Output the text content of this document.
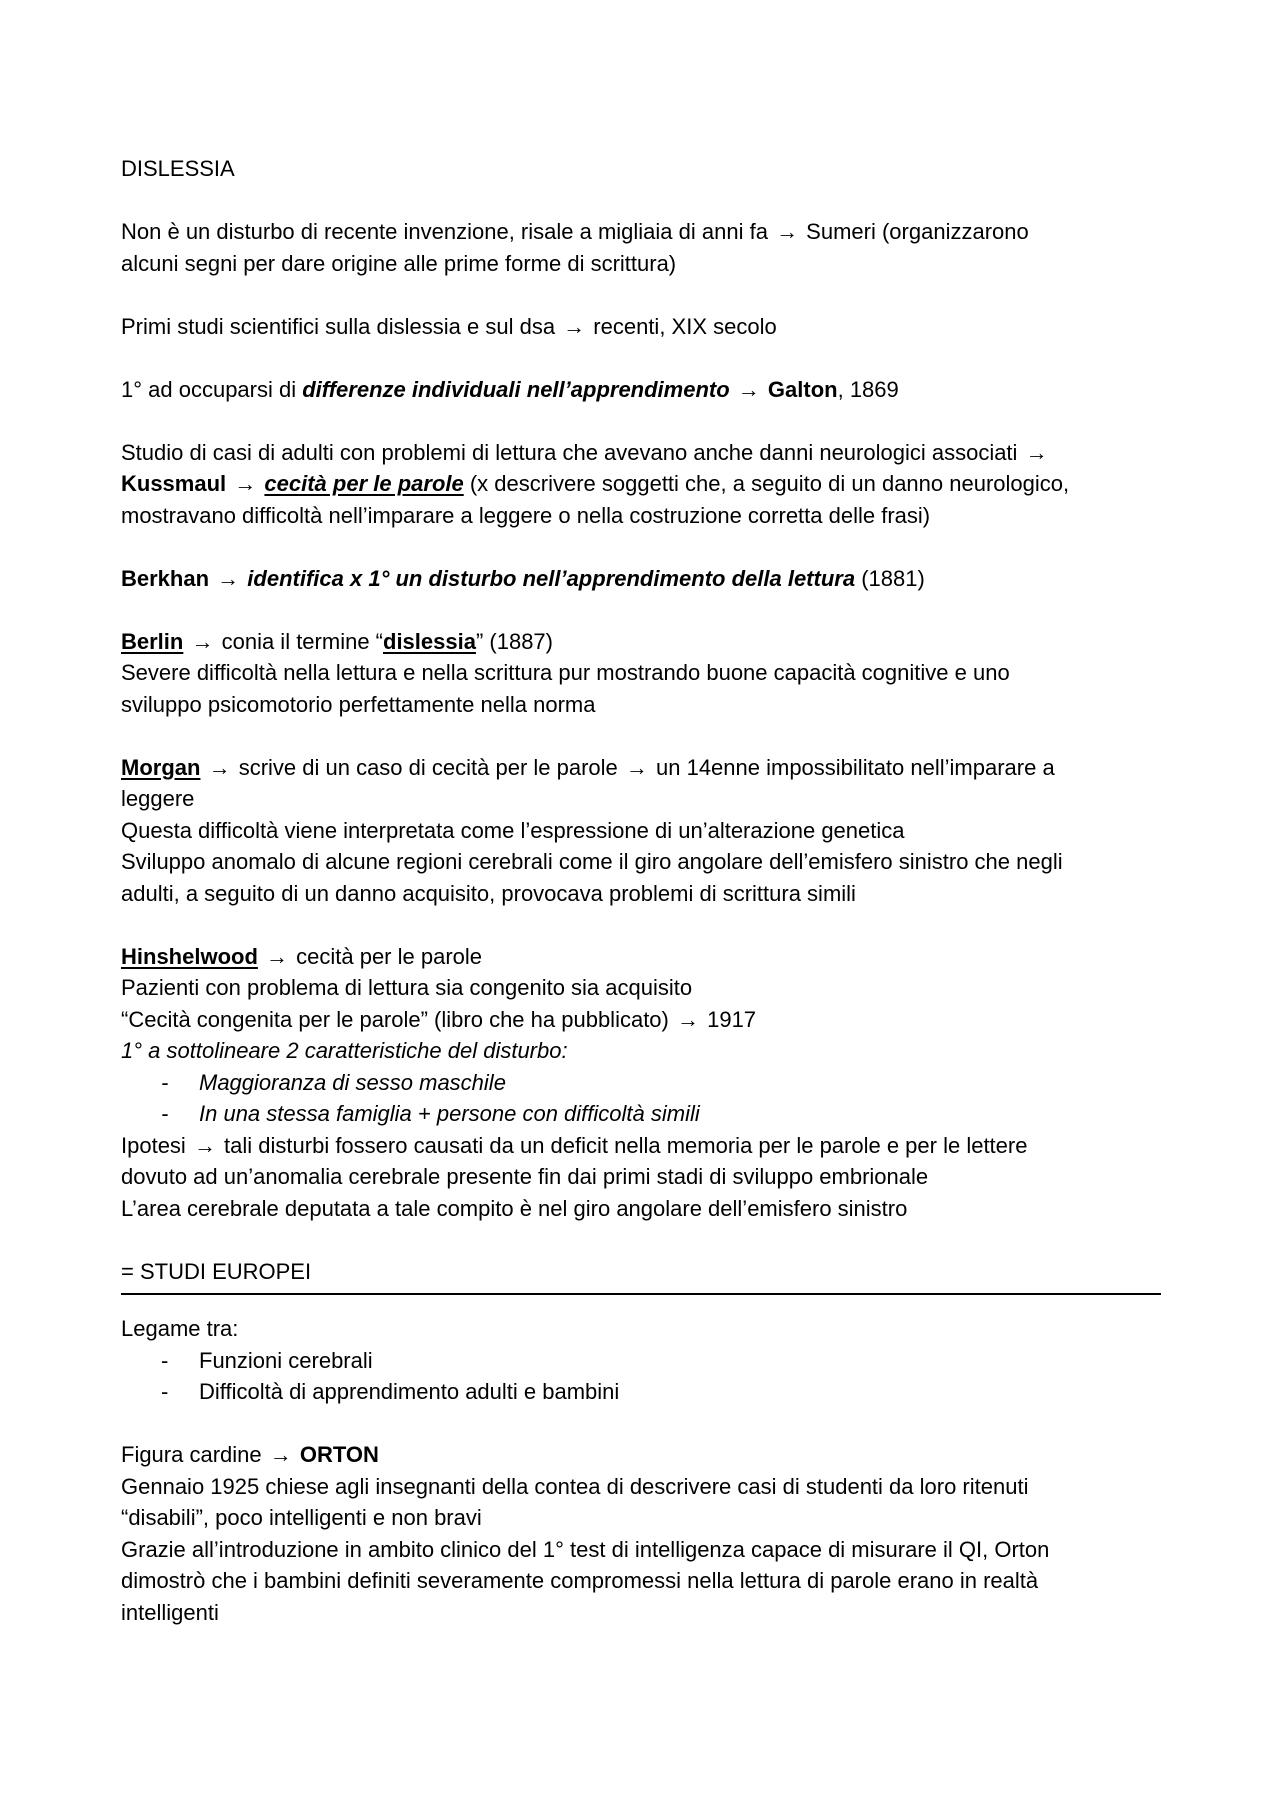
DISLESSIA

Non è un disturbo di recente invenzione, risale a migliaia di anni fa → Sumeri (organizzarono

alcuni segni per dare origine alle prime forme di scrittura)

Primi studi scientifici sulla dislessia e sul dsa → recenti, XIX secolo

1° ad occuparsi di differenze individuali nell’apprendimento → Galton, 1869

Studio di casi di adulti con problemi di lettura che avevano anche danni neurologici associati →

Kussmaul → cecità per le parole (x descrivere soggetti che, a seguito di un danno neurologico,

mostravano difficoltà nell’imparare a leggere o nella costruzione corretta delle frasi)

Berkhan → identifica x 1° un disturbo nell’apprendimento della lettura (1881)

Berlin → conia il termine “dislessia” (1887)

Severe difficoltà nella lettura e nella scrittura pur mostrando buone capacità cognitive e uno

sviluppo psicomotorio perfettamente nella norma

Morgan → scrive di un caso di cecità per le parole → un 14enne impossibilitato nell’imparare a

leggere

Questa difficoltà viene interpretata come l’espressione di un’alterazione genetica

Sviluppo anomalo di alcune regioni cerebrali come il giro angolare dell’emisfero sinistro che negli

adulti, a seguito di un danno acquisito, provocava problemi di scrittura simili

Hinshelwood → cecità per le parole

Pazienti con problema di lettura sia congenito sia acquisito

“Cecità congenita per le parole” (libro che ha pubblicato) → 1917

1° a sottolineare 2 caratteristiche del disturbo:

- Maggioranza di sesso maschile

- In una stessa famiglia + persone con difficoltà simili

Ipotesi → tali disturbi fossero causati da un deficit nella memoria per le parole e per le lettere

dovuto ad un’anomalia cerebrale presente fin dai primi stadi di sviluppo embrionale

L’area cerebrale deputata a tale compito è nel giro angolare dell’emisfero sinistro

= STUDI EUROPEI

Legame tra:

- Funzioni cerebrali

- Difficoltà di apprendimento adulti e bambini

Figura cardine → ORTON

Gennaio 1925 chiese agli insegnanti della contea di descrivere casi di studenti da loro ritenuti

“disabili”, poco intelligenti e non bravi

Grazie all’introduzione in ambito clinico del 1° test di intelligenza capace di misurare il QI, Orton

dimostrò che i bambini definiti severamente compromessi nella lettura di parole erano in realtà

intelligenti
